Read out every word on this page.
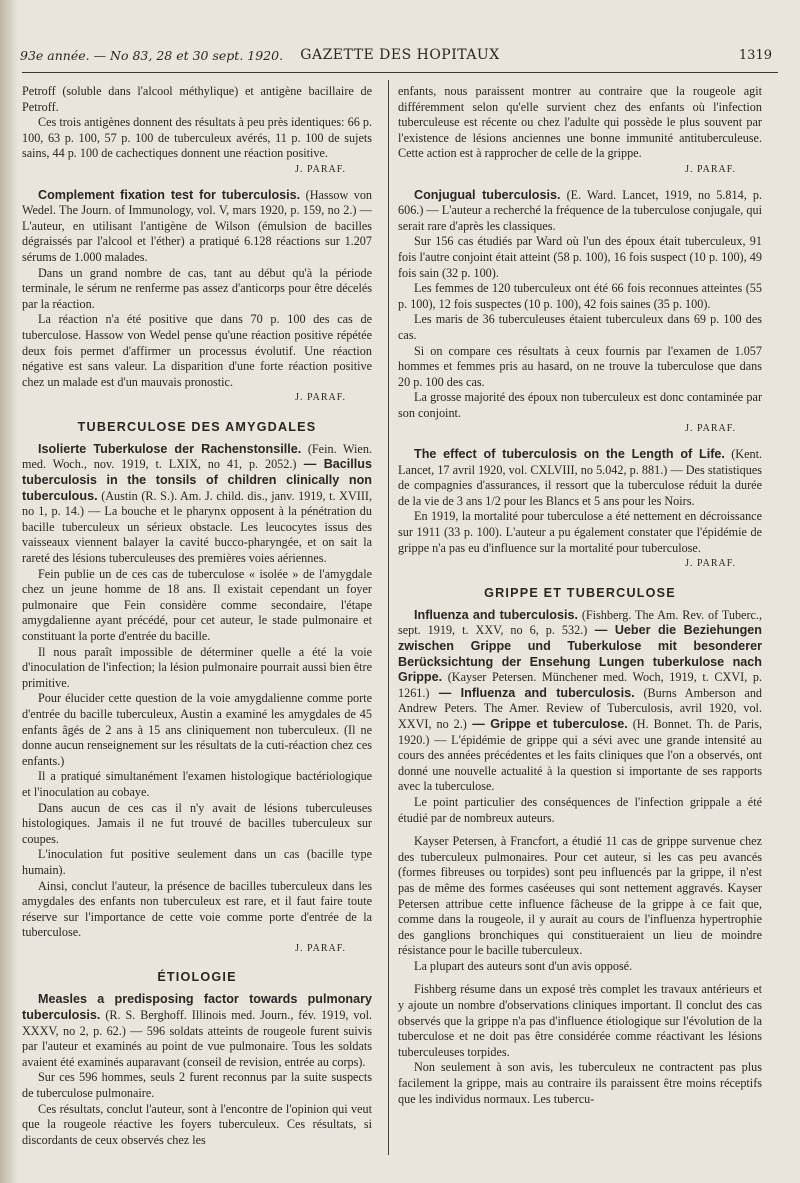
93e année. — No 83, 28 et 30 sept. 1920.	GAZETTE DES HOPITAUX	1319

Petroff (soluble dans l'alcool méthylique) et antigène bacillaire de Petroff.

Ces trois antigènes donnent des résultats à peu près identiques: 66 p. 100, 63 p. 100, 57 p. 100 de tuberculeux avérés, 11 p. 100 de sujets sains, 44 p. 100 de cachectiques donnent une réaction positive.

J. PARAF.

Complement fixation test for tuberculosis. (Hassow von Wedel. The Journ. of Immunology, vol. V, mars 1920, p. 159, no 2.) — L'auteur, en utilisant l'antigène de Wilson (émulsion de bacilles dégraissés par l'alcool et l'éther) a pratiqué 6.128 réactions sur 1.207 sérums de 1.000 malades.

Dans un grand nombre de cas, tant au début qu'à la période terminale, le sérum ne renferme pas assez d'anticorps pour être décelés par la réaction.

La réaction n'a été positive que dans 70 p. 100 des cas de tuberculose. Hassow von Wedel pense qu'une réaction positive répétée deux fois permet d'affirmer un processus évolutif. Une réaction négative est sans valeur. La disparition d'une forte réaction positive chez un malade est d'un mauvais pronostic.

J. PARAF.

TUBERCULOSE DES AMYGDALES

Isolierte Tuberkulose der Rachenstonsille. (Fein. Wien. med. Woch., nov. 1919, t. LXIX, no 41, p. 2052.) — Bacillus tuberculosis in the tonsils of children clinically non tuberculous. (Austin (R. S.). Am. J. child. dis., janv. 1919, t. XVIII, no 1, p. 14.) — La bouche et le pharynx opposent à la pénétration du bacille tuberculeux un sérieux obstacle. Les leucocytes issus des vaisseaux viennent balayer la cavité bucco-pharyngée, et on sait la rareté des lésions tuberculeuses des premières voies aériennes.

Fein publie un de ces cas de tuberculose « isolée » de l'amygdale chez un jeune homme de 18 ans. Il existait cependant un foyer pulmonaire que Fein considère comme secondaire, l'étape amygdalienne ayant précédé, pour cet auteur, le stade pulmonaire et constituant la porte d'entrée du bacille.

Il nous paraît impossible de déterminer quelle a été la voie d'inoculation de l'infection; la lésion pulmonaire pourrait aussi bien être primitive.

Pour élucider cette question de la voie amygdalienne comme porte d'entrée du bacille tuberculeux, Austin a examiné les amygdales de 45 enfants âgés de 2 ans à 15 ans cliniquement non tuberculeux. (Il ne donne aucun renseignement sur les résultats de la cuti-réaction chez ces enfants.)

Il a pratiqué simultanément l'examen histologique bactériologique et l'inoculation au cobaye.

Dans aucun de ces cas il n'y avait de lésions tuberculeuses histologiques. Jamais il ne fut trouvé de bacilles tuberculeux sur coupes.

L'inoculation fut positive seulement dans un cas (bacille type humain).

Ainsi, conclut l'auteur, la présence de bacilles tuberculeux dans les amygdales des enfants non tuberculeux est rare, et il faut faire toute réserve sur l'importance de cette voie comme porte d'entrée de la tuberculose.

J. PARAF.

ÉTIOLOGIE

Measles a predisposing factor towards pulmonary tuberculosis. (R. S. Berghoff. Illinois med. Journ., fév. 1919, vol. XXXV, no 2, p. 62.) — 596 soldats atteints de rougeole furent suivis par l'auteur et examinés au point de vue pulmonaire. Tous les soldats avaient été examinés auparavant (conseil de revision, entrée au corps).

Sur ces 596 hommes, seuls 2 furent reconnus par la suite suspects de tuberculose pulmonaire.

Ces résultats, conclut l'auteur, sont à l'encontre de l'opinion qui veut que la rougeole réactive les foyers tuberculeux. Ces résultats, si discordants de ceux observés chez les

enfants, nous paraissent montrer au contraire que la rougeole agit différemment selon qu'elle survient chez des enfants où l'infection tuberculeuse est récente ou chez l'adulte qui possède le plus souvent par l'existence de lésions anciennes une bonne immunité antituberculeuse. Cette action est à rapprocher de celle de la grippe.

J. PARAF.

Conjugual tuberculosis. (E. Ward. Lancet, 1919, no 5.814, p. 606.) — L'auteur a recherché la fréquence de la tuberculose conjugale, qui serait rare d'après les classiques.

Sur 156 cas étudiés par Ward où l'un des époux était tuberculeux, 91 fois l'autre conjoint était atteint (58 p. 100), 16 fois suspect (10 p. 100), 49 fois sain (32 p. 100).

Les femmes de 120 tuberculeux ont été 66 fois reconnues atteintes (55 p. 100), 12 fois suspectes (10 p. 100), 42 fois saines (35 p. 100).

Les maris de 36 tuberculeuses étaient tuberculeux dans 69 p. 100 des cas.

Si on compare ces résultats à ceux fournis par l'examen de 1.057 hommes et femmes pris au hasard, on ne trouve la tuberculose que dans 20 p. 100 des cas.

La grosse majorité des époux non tuberculeux est donc contaminée par son conjoint.

J. PARAF.

The effect of tuberculosis on the Length of Life. (Kent. Lancet, 17 avril 1920, vol. CXLVIII, no 5.042, p. 881.) — Des statistiques de compagnies d'assurances, il ressort que la tuberculose réduit la durée de la vie de 3 ans 1/2 pour les Blancs et 5 ans pour les Noirs.

En 1919, la mortalité pour tuberculose a été nettement en décroissance sur 1911 (33 p. 100). L'auteur a pu également constater que l'épidémie de grippe n'a pas eu d'influence sur la mortalité pour tuberculose.

J. PARAF.

GRIPPE ET TUBERCULOSE

Influenza and tuberculosis. (Fishberg. The Am. Rev. of Tuberc., sept. 1919, t. XXV, no 6, p. 532.) — Ueber die Beziehungen zwischen Grippe und Tuberkulose mit besonderer Berücksichtung der Ensehung Lungen tuberkulose nach Grippe. (Kayser Petersen. Münchener med. Woch, 1919, t. CXVI, p. 1261.) — Influenza and tuberculosis. (Burns Amberson and Andrew Peters. The Amer. Review of Tuberculosis, avril 1920, vol. XXVI, no 2.) — Grippe et tuberculose. (H. Bonnet. Th. de Paris, 1920.) — L'épidémie de grippe qui a sévi avec une grande intensité au cours des années précédentes et les faits cliniques que l'on a observés, ont donné une nouvelle actualité à la question si importante de ses rapports avec la tuberculose.

Le point particulier des conséquences de l'infection grippale a été étudié par de nombreux auteurs.

Kayser Petersen, à Francfort, a étudié 11 cas de grippe survenue chez des tuberculeux pulmonaires. Pour cet auteur, si les cas peu avancés (formes fibreuses ou torpides) sont peu influencés par la grippe, il n'est pas de même des formes caséeuses qui sont nettement aggravés. Kayser Petersen attribue cette influence fâcheuse de la grippe à ce fait que, comme dans la rougeole, il y aurait au cours de l'influenza hypertrophie des ganglions bronchiques qui constitueraient un lieu de moindre résistance pour le bacille tuberculeux.

La plupart des auteurs sont d'un avis opposé.

Fishberg résume dans un exposé très complet les travaux antérieurs et y ajoute un nombre d'observations cliniques important. Il conclut des cas observés que la grippe n'a pas d'influence étiologique sur l'évolution de la tuberculose et ne doit pas être considérée comme réactivant les lésions tuberculeuses torpides.

Non seulement à son avis, les tuberculeux ne contractent pas plus facilement la grippe, mais au contraire ils paraissent être moins réceptifs que les individus normaux. Les tubercu-
